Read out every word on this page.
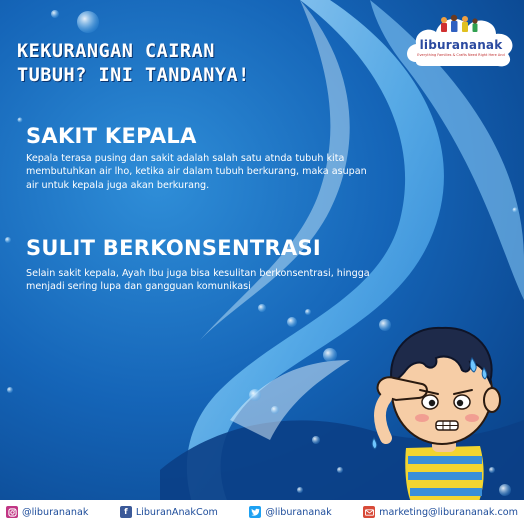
liburananak
Everything Families & Crafts Need Right Here And
KEKURANGAN CAIRAN
TUBUH? INI TANDANYA!
SAKIT KEPALA

Kepala terasa pusing dan sakit adalah salah satu atnda tubuh kita membutuhkan air lho, ketika air dalam tubuh berkurang, maka asupan air untuk kepala juga akan berkurang.

SULIT BERKONSENTRASI

Selain sakit kepala, Ayah Ibu juga bisa kesulitan berkonsentrasi, hingga menjadi sering lupa dan gangguan komunikasi

@liburananak	f LiburanAnakCom	@liburananak	marketing@liburananak.com
